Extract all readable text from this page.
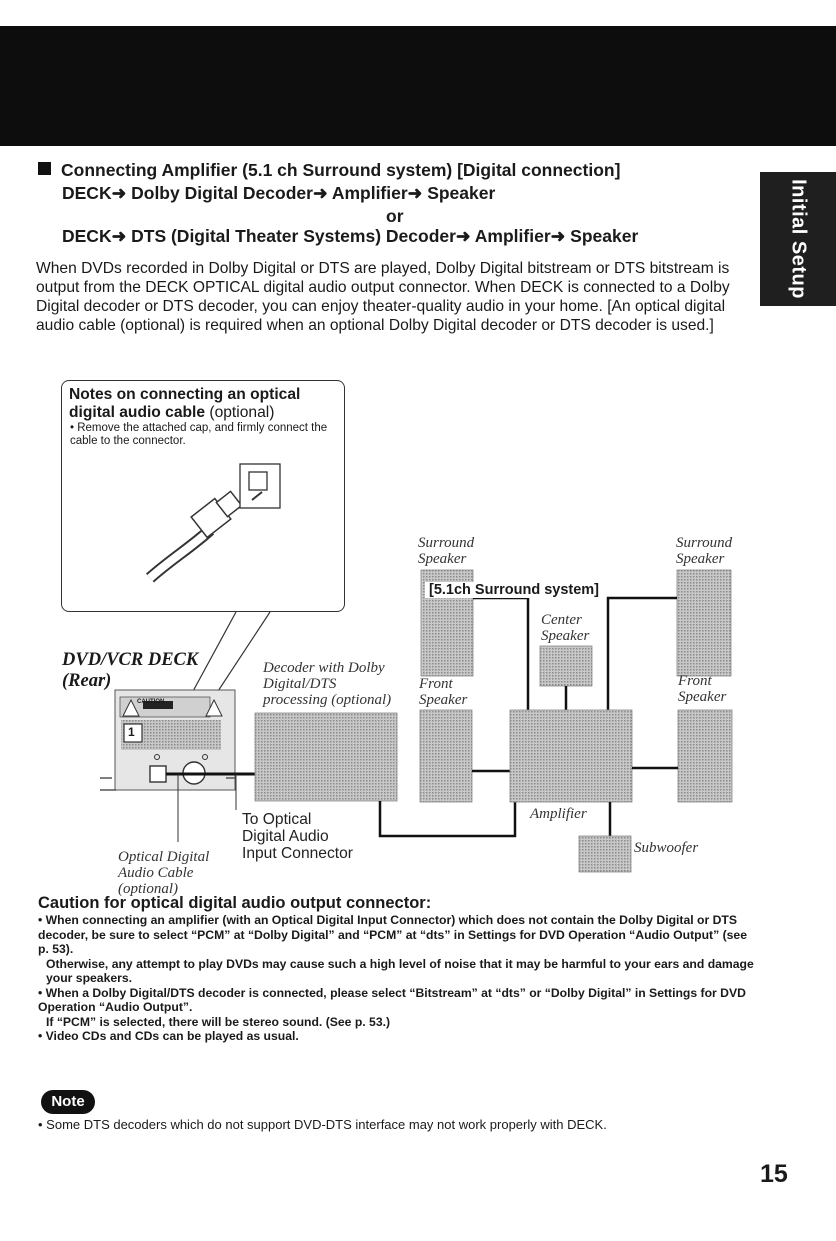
Initial Setup
Connecting Amplifier (5.1 ch Surround system) [Digital connection]
DECK➜ Dolby Digital Decoder➜ Amplifier➜ Speaker
or
DECK➜ DTS (Digital Theater Systems) Decoder➜ Amplifier➜ Speaker

When DVDs recorded in Dolby Digital or DTS are played, Dolby Digital bitstream or DTS bitstream is output from the DECK OPTICAL digital audio output connector. When DECK is connected to a Dolby Digital decoder or DTS decoder, you can enjoy theater-quality audio in your home. [An optical digital audio cable (optional) is required when an optional Dolby Digital decoder or DTS decoder is used.]

Notes on connecting an optical digital audio cable (optional)
• Remove the attached cap, and firmly connect the cable to the connector.
DVD/VCR DECK
(Rear)
CAUTION
1
Decoder with Dolby
Digital/DTS
processing (optional)
Surround
Speaker
Surround
Speaker
[5.1ch Surround system]
Center
Speaker
Front
Speaker
Front
Speaker
Amplifier
Subwoofer
To Optical
Digital Audio
Input Connector
Optical Digital
Audio Cable
(optional)
Caution for optical digital audio output connector:
• When connecting an amplifier (with an Optical Digital Input Connector) which does not contain the Dolby Digital or DTS decoder, be sure to select “PCM” at “Dolby Digital” and “PCM” at “dts” in Settings for DVD Operation “Audio Output” (see p. 53).
Otherwise, any attempt to play DVDs may cause such a high level of noise that it may be harmful to your ears and damage your speakers.
• When a Dolby Digital/DTS decoder is connected, please select “Bitstream” at “dts” or “Dolby Digital” in Settings for DVD Operation “Audio Output”.
If “PCM” is selected, there will be stereo sound. (See p. 53.)
• Video CDs and CDs can be played as usual.
Note
• Some DTS decoders which do not support DVD-DTS interface may not work properly with DECK.
15
